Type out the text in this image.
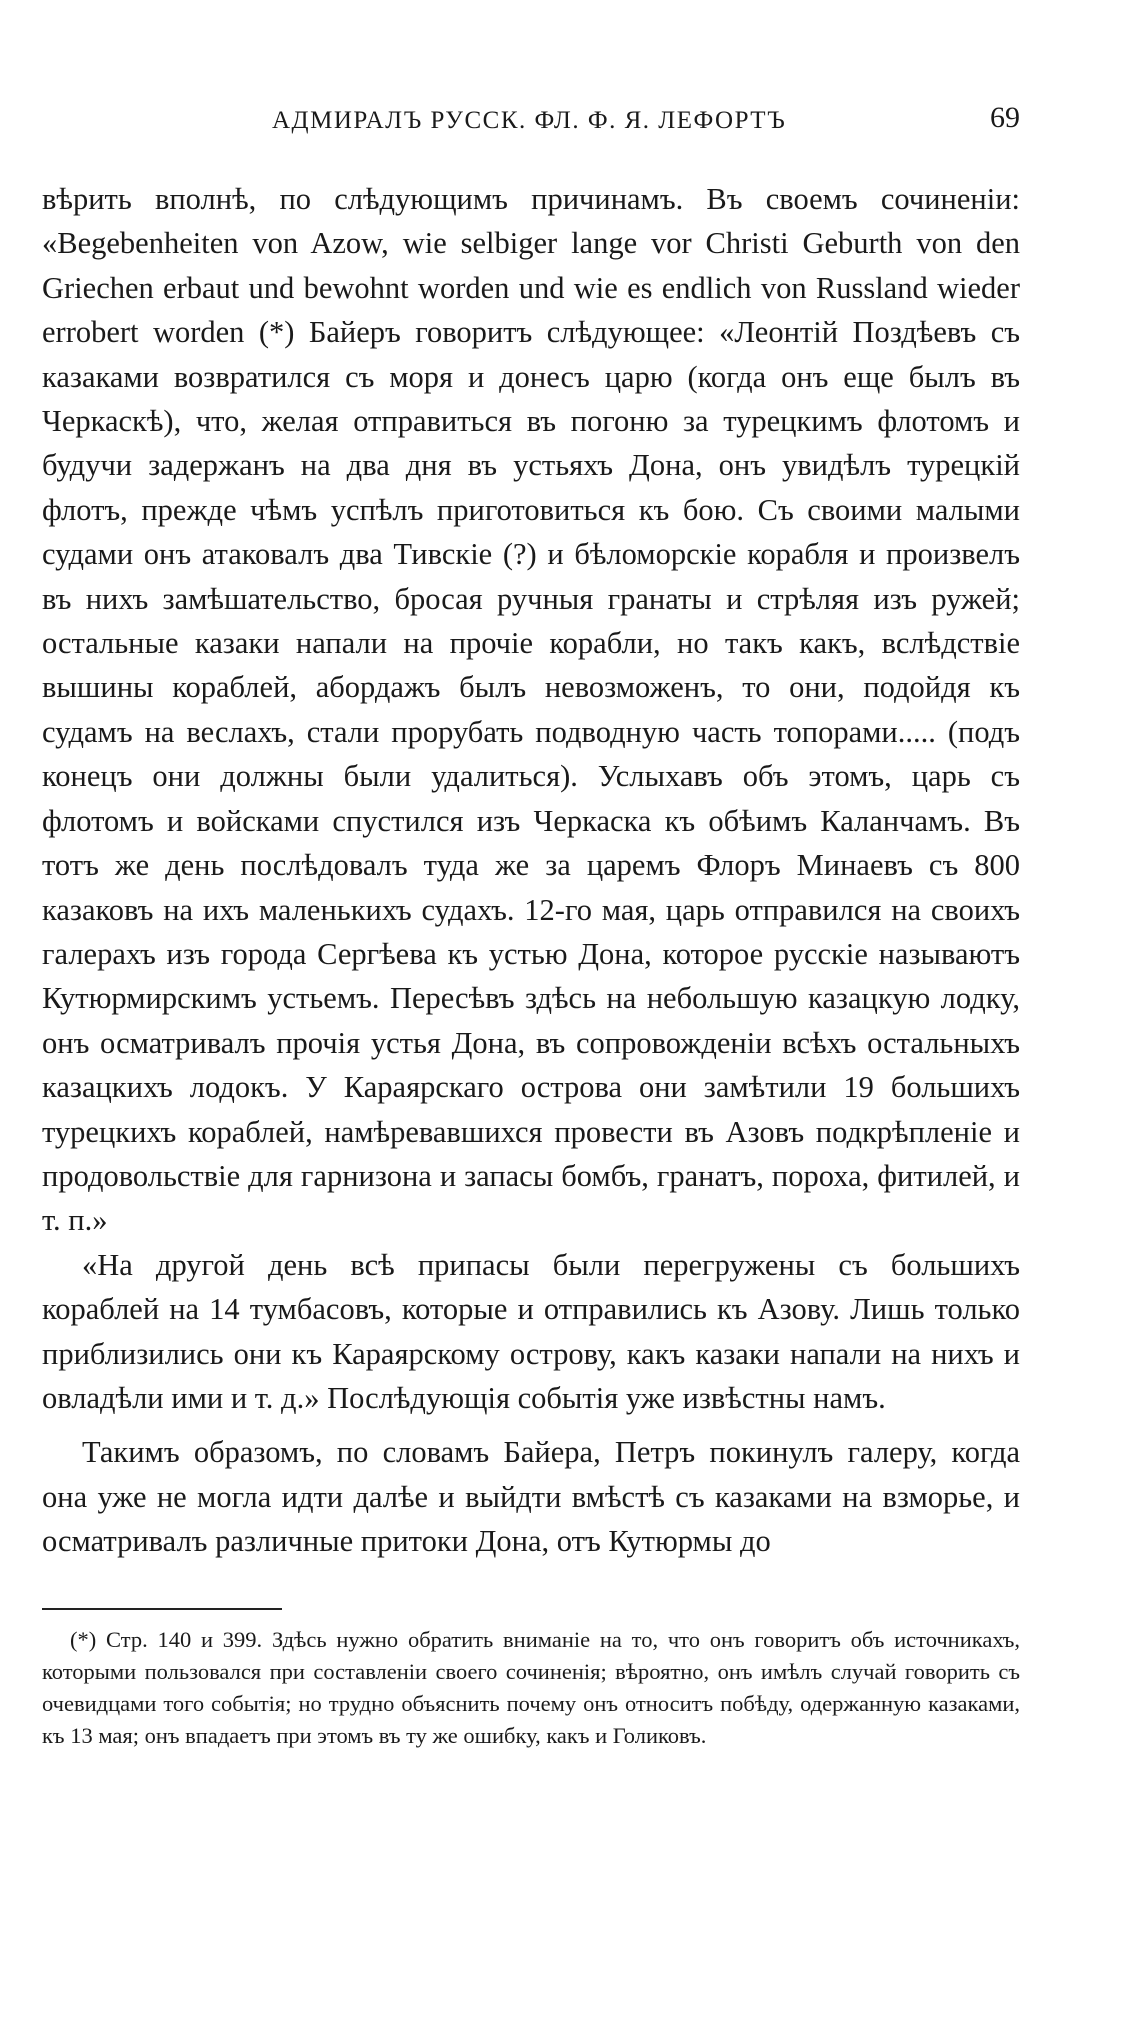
АДМИРАЛЪ РУСCК. ФЛ. Ф. Я. ЛЕФОРТЪ	69

вѣрить вполнѣ, по слѣдующимъ причинамъ. Въ своемъ сочиненіи: «Begebenheiten von Azow, wie selbiger lange vor Christi Geburth von den Griechen erbaut und bewohnt worden und wie es endlich von Russland wieder errobert worden (*) Байеръ говоритъ слѣдующее: «Леонтій Поздѣевъ съ казаками возвратился съ моря и донесъ царю (когда онъ еще былъ въ Черкаскѣ), что, желая отправиться въ погоню за турецкимъ флотомъ и будучи задержанъ на два дня въ устьяхъ Дона, онъ увидѣлъ турецкій флотъ, прежде чѣмъ успѣлъ приготовиться къ бою. Съ своими малыми судами онъ атаковалъ два Тивскіе (?) и бѣломорскіе корабля и произвелъ въ нихъ замѣшательство, бросая ручныя гранаты и стрѣляя изъ ружей; остальные казаки напали на прочіе корабли, но такъ какъ, вслѣдствіе вышины кораблей, абордажъ былъ невозможенъ, то они, подойдя къ судамъ на веслахъ, стали прорубать подводную часть топорами..... (подъ конецъ они должны были удалиться). Услыхавъ объ этомъ, царь съ флотомъ и войсками спустился изъ Черкаска къ обѣимъ Каланчамъ. Въ тотъ же день послѣдовалъ туда же за царемъ Флоръ Минаевъ съ 800 казаковъ на ихъ маленькихъ судахъ. 12-го мая, царь отправился на своихъ галерахъ изъ города Сергѣева къ устью Дона, которое русскіе называютъ Кутюрмирскимъ устьемъ. Пересѣвъ здѣсь на небольшую казацкую лодку, онъ осматривалъ прочія устья Дона, въ сопровожденіи всѣхъ остальныхъ казацкихъ лодокъ. У Караярскаго острова они замѣтили 19 большихъ турецкихъ кораблей, намѣревавшихся провести въ Азовъ подкрѣпленіе и продовольствіе для гарнизона и запасы бомбъ, гранатъ, пороха, фитилей, и т. п.»

«На другой день всѣ припасы были перегружены съ большихъ кораблей на 14 тумбасовъ, которые и отправились къ Азову. Лишь только приблизились они къ Караярскому острову, какъ казаки напали на нихъ и овладѣли ими и т. д.» Послѣдующія событія уже извѣстны намъ.

Такимъ образомъ, по словамъ Байера, Петръ покинулъ галеру, когда она уже не могла идти далѣе и выйдти вмѣстѣ съ казаками на взморье, и осматривалъ различные притоки Дона, отъ Кутюрмы до

(*) Стр. 140 и 399. Здѣсь нужно обратить вниманіе на то, что онъ говоритъ объ источникахъ, которыми пользовался при составленіи своего сочиненія; вѣроятно, онъ имѣлъ случай говорить съ очевидцами того событія; но трудно объяснить почему онъ относитъ побѣду, одержанную казаками, къ 13 мая; онъ впадаетъ при этомъ въ ту же ошибку, какъ и Голиковъ.
